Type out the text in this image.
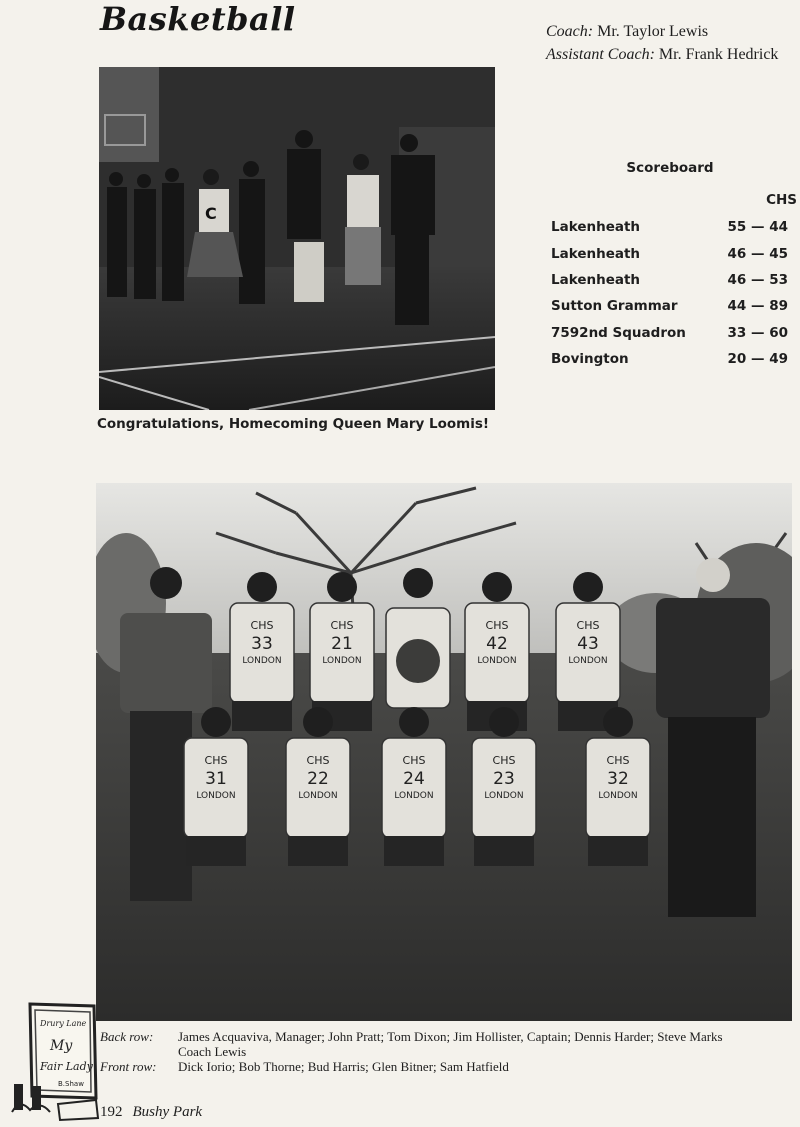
Basketball	Coach: Mr. Taylor Lewis
Assistant Coach: Mr. Frank Hedrick
C
Congratulations, Homecoming Queen Mary Loomis!
Scoreboard
CHS
Lakenheath	55 — 44
Lakenheath	46 — 45
Lakenheath	46 — 53
Sutton Grammar	44 — 89
7592nd Squadron	33 — 60
Bovington	20 — 49
CHS
33
LONDON
CHS
21
LONDON
CHS
42
LONDON
CHS
43
LONDON
CHS
31
LONDON
CHS
22
LONDON
CHS
24
LONDON
CHS
23
LONDON
CHS
32
LONDON
Back row:	James Acquaviva, Manager; John Pratt; Tom Dixon; Jim Hollister, Captain; Dennis Harder; Steve Marks
Coach Lewis
Front row:	Dick Iorio; Bob Thorne; Bud Harris; Glen Bitner; Sam Hatfield
192 Bushy Park
Drury Lane
My
Fair Lady
B.Shaw
